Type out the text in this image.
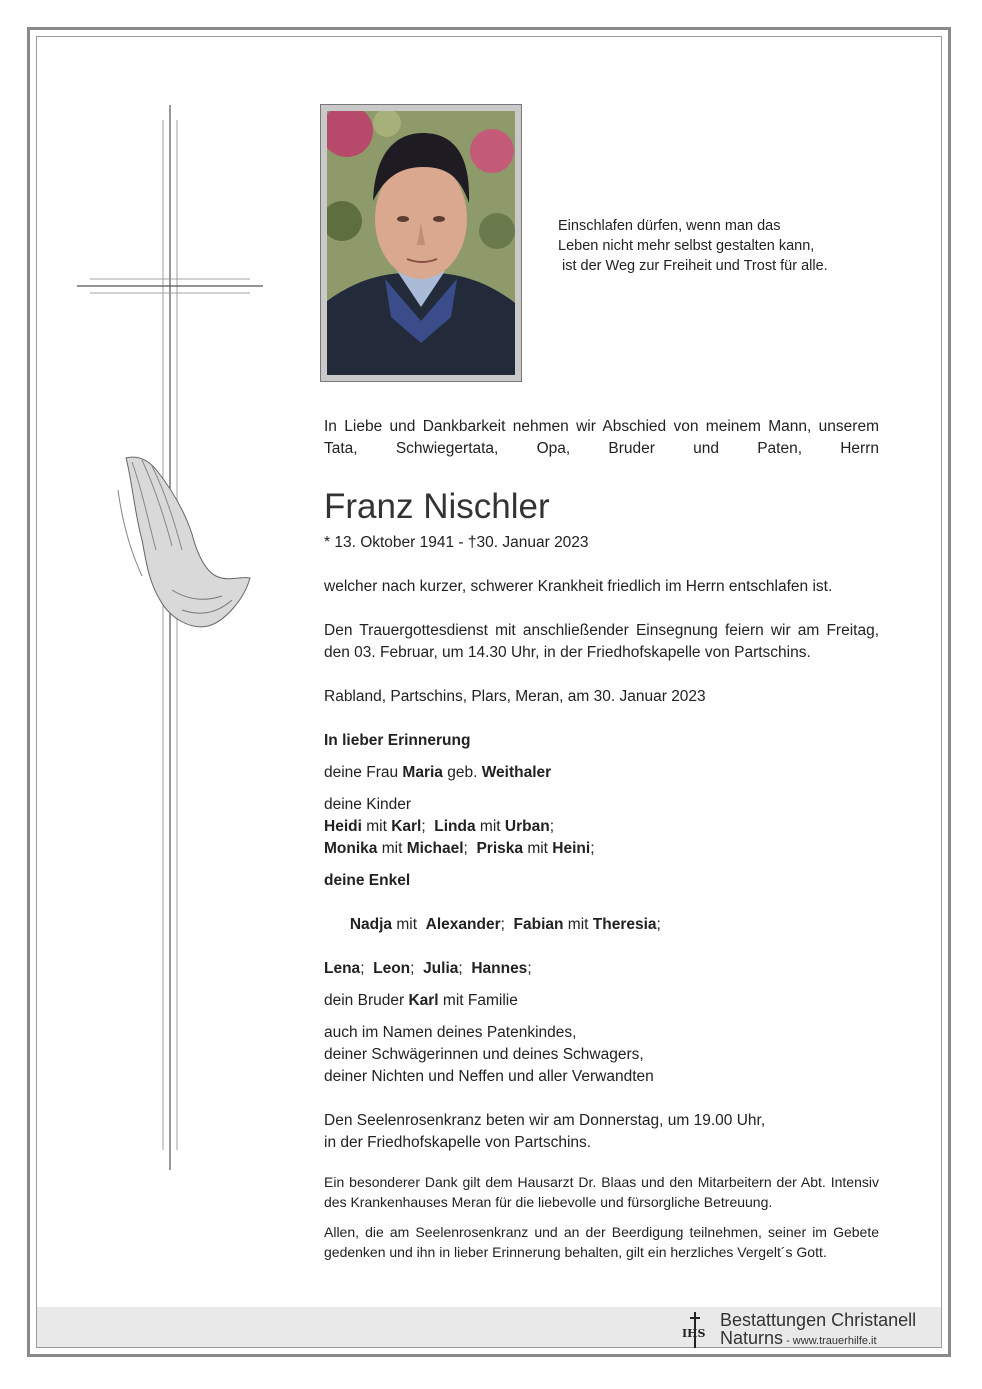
Einschlafen dürfen, wenn man das
Leben nicht mehr selbst gestalten kann,
ist der Weg zur Freiheit und Trost für alle.
In Liebe und Dankbarkeit nehmen wir Abschied von meinem Mann, unserem Tata, Schwiegertata, Opa, Bruder und Paten, Herrn
Franz Nischler
* 13. Oktober 1941 - †30. Januar 2023
welcher nach kurzer, schwerer Krankheit friedlich im Herrn entschlafen ist.
Den Trauergottesdienst mit anschließender Einsegnung feiern wir am Freitag, den 03. Februar, um 14.30 Uhr, in der Friedhofskapelle von Partschins.
Rabland, Partschins, Plars, Meran, am 30. Januar 2023
In lieber Erinnerung
deine Frau Maria geb. Weithaler
deine Kinder
Heidi mit Karl;  Linda mit Urban;
Monika mit Michael;  Priska mit Heini;
deine Enkel

Nadja mit  Alexander;  Fabian mit Theresia;

Lena;  Leon;  Julia;  Hannes;
dein Bruder Karl mit Familie
auch im Namen deines Patenkindes,
deiner Schwägerinnen und deines Schwagers,
deiner Nichten und Neffen und aller Verwandten
Den Seelenrosenkranz beten wir am Donnerstag, um 19.00 Uhr,
in der Friedhofskapelle von Partschins.
Ein besonderer Dank gilt dem Hausarzt Dr. Blaas und den Mitarbeitern der Abt. Intensiv des Krankenhauses Meran für die liebevolle und fürsorgliche Betreuung.
Allen, die am Seelenrosenkranz und an der Beerdigung teilnehmen, seiner im Gebete gedenken und ihn in lieber Erinnerung behalten, gilt ein herzliches Vergelt´s Gott.
IHS
Bestattungen Christanell
Naturns - www.trauerhilfe.it
